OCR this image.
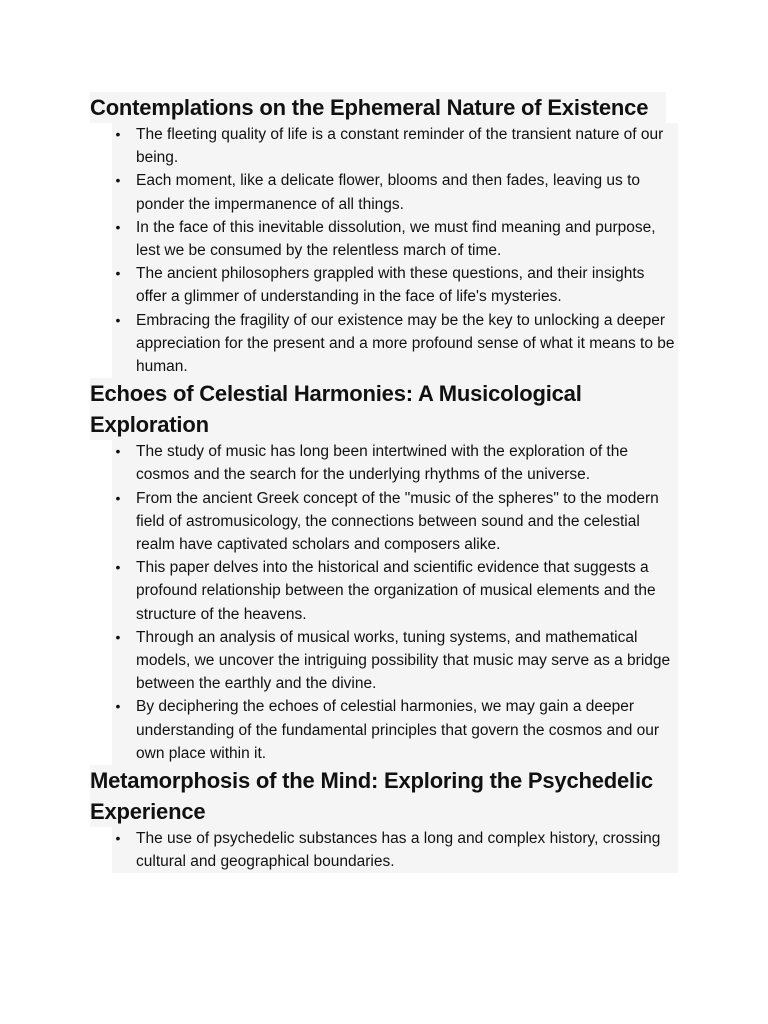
Contemplations on the Ephemeral Nature of Existence
• The fleeting quality of life is a constant reminder of the transient nature of our being.
• Each moment, like a delicate flower, blooms and then fades, leaving us to ponder the impermanence of all things.
• In the face of this inevitable dissolution, we must find meaning and purpose, lest we be consumed by the relentless march of time.
• The ancient philosophers grappled with these questions, and their insights offer a glimmer of understanding in the face of life's mysteries.
• Embracing the fragility of our existence may be the key to unlocking a deeper appreciation for the present and a more profound sense of what it means to be human.
Echoes of Celestial Harmonies: A Musicological Exploration
• The study of music has long been intertwined with the exploration of the cosmos and the search for the underlying rhythms of the universe.
• From the ancient Greek concept of the "music of the spheres" to the modern field of astromusicology, the connections between sound and the celestial realm have captivated scholars and composers alike.
• This paper delves into the historical and scientific evidence that suggests a profound relationship between the organization of musical elements and the structure of the heavens.
• Through an analysis of musical works, tuning systems, and mathematical models, we uncover the intriguing possibility that music may serve as a bridge between the earthly and the divine.
• By deciphering the echoes of celestial harmonies, we may gain a deeper understanding of the fundamental principles that govern the cosmos and our own place within it.
Metamorphosis of the Mind: Exploring the Psychedelic Experience
• The use of psychedelic substances has a long and complex history, crossing cultural and geographical boundaries.
